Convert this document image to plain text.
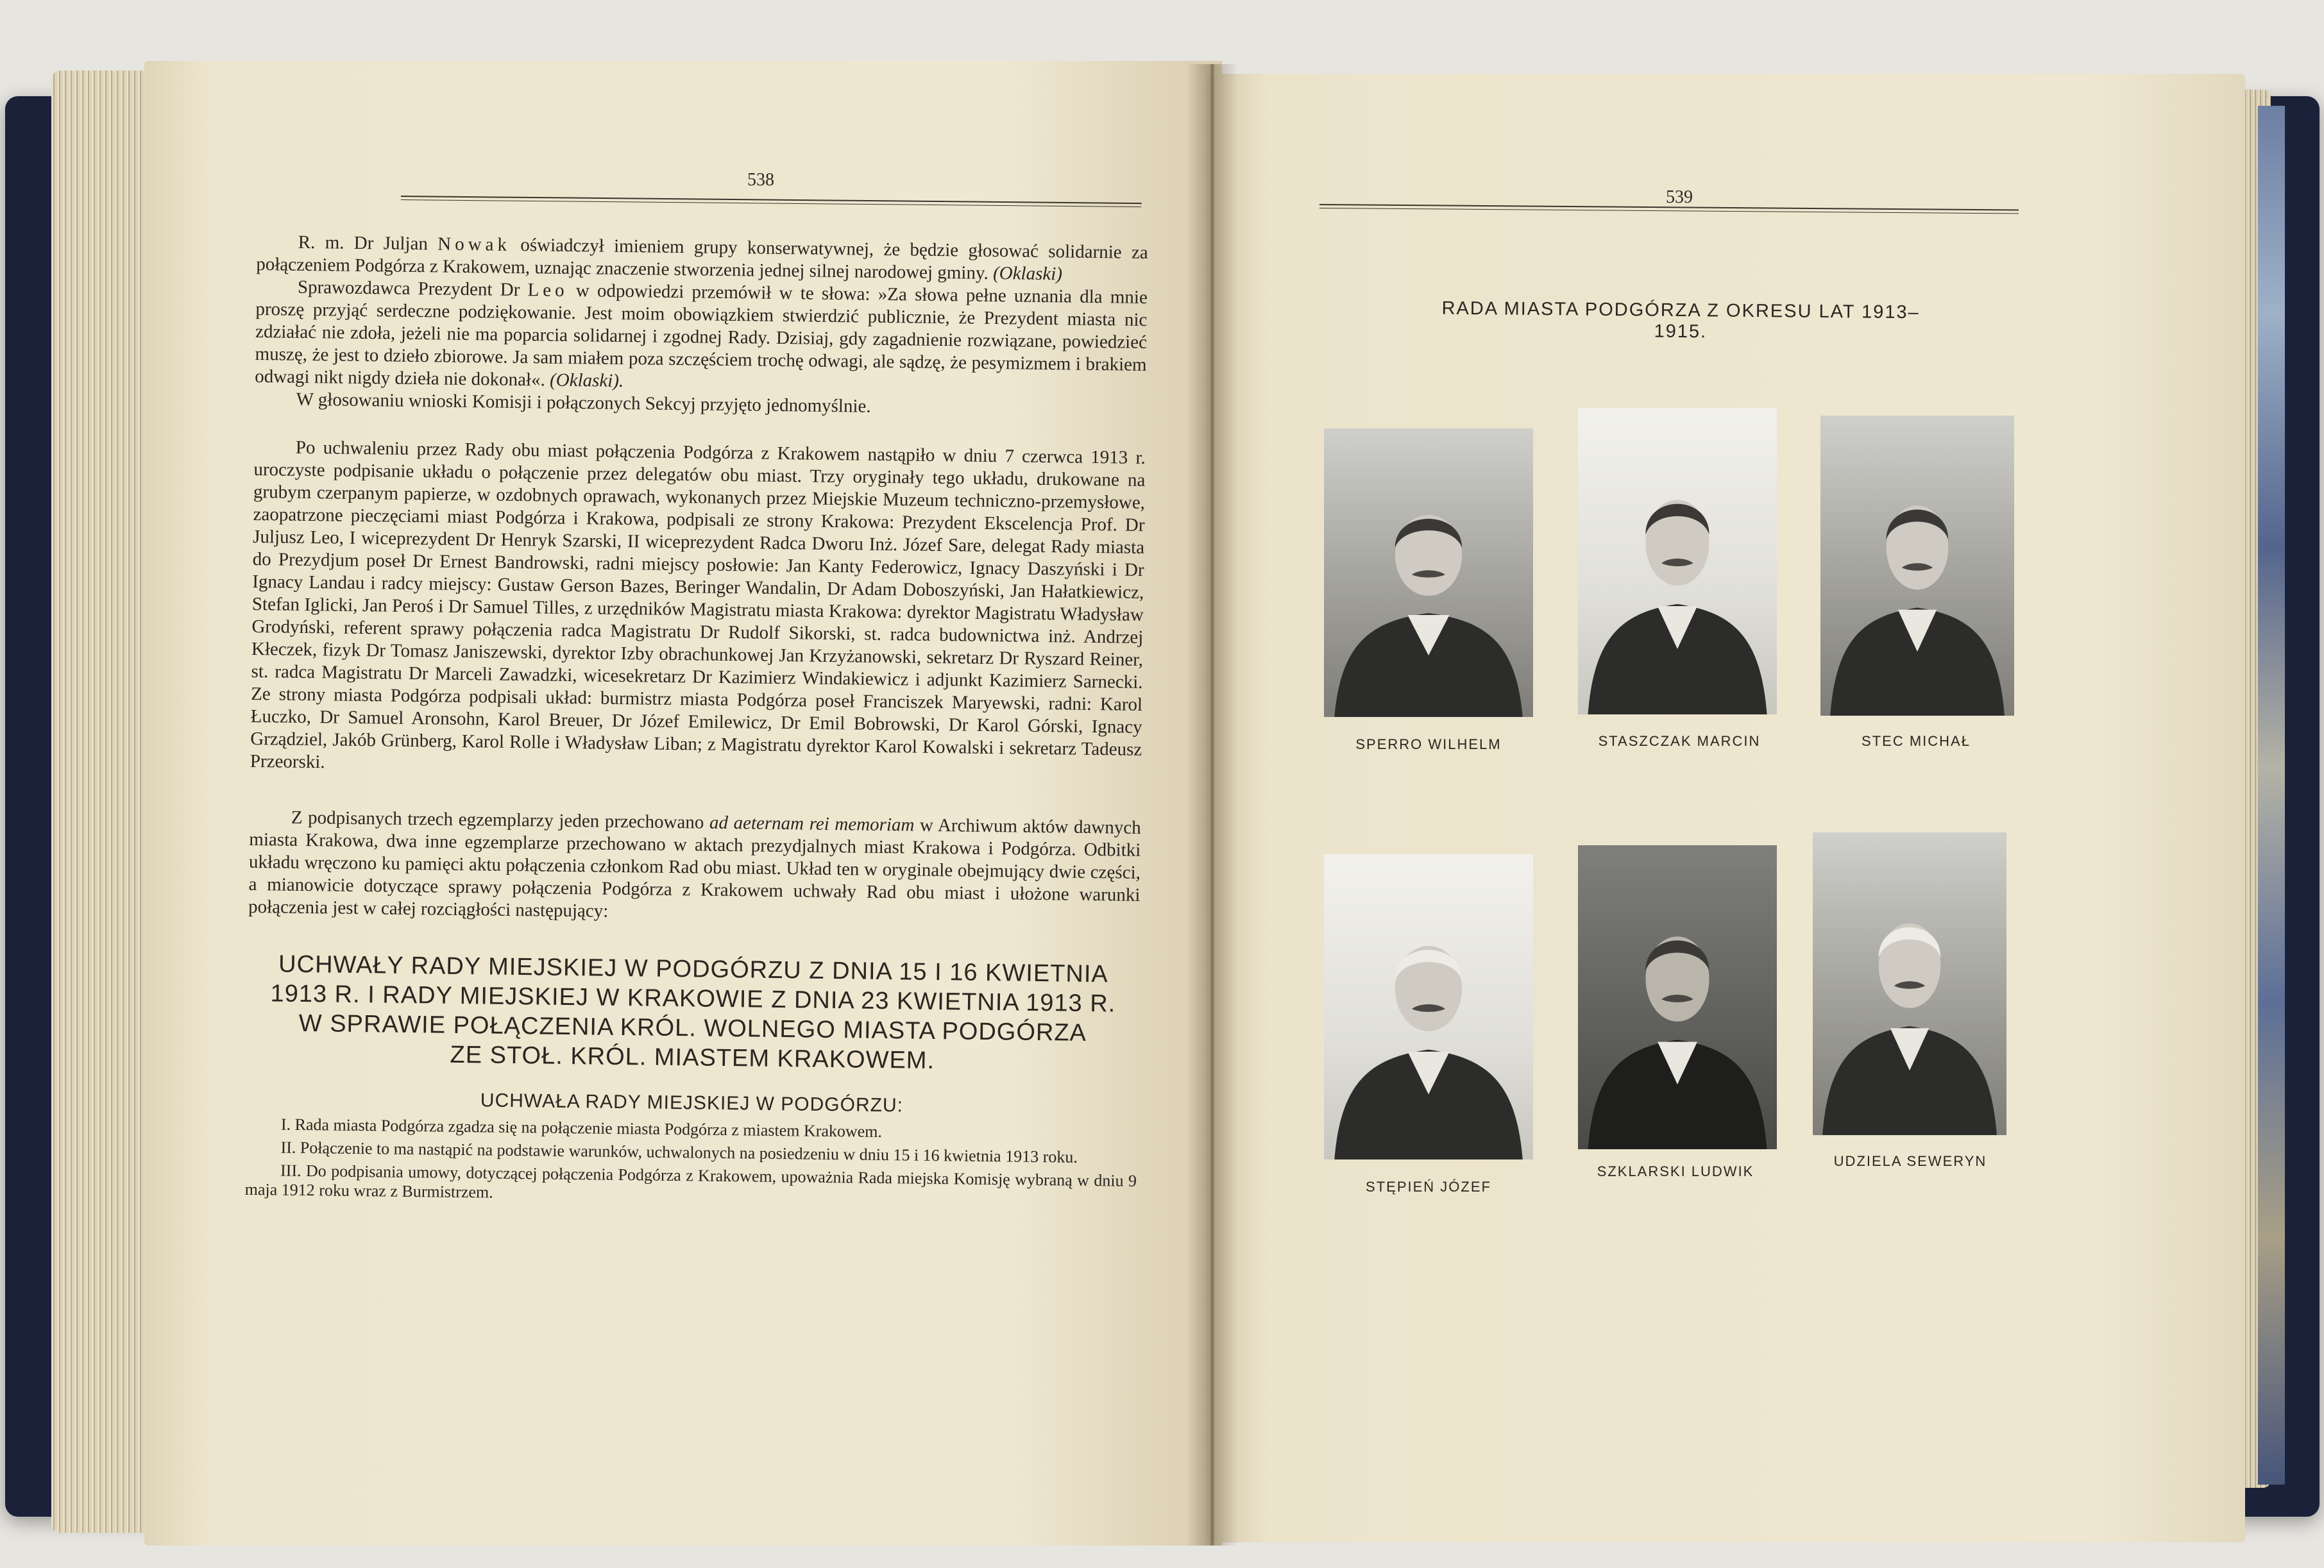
538

R. m. Dr Juljan Nowak oświadczył imieniem grupy konserwatywnej, że będzie głosować solidarnie za połączeniem Podgórza z Krakowem, uznając znaczenie stworzenia jednej silnej narodowej gminy. (Oklaski)

Sprawozdawca Prezydent Dr Leo w odpowiedzi przemówił w te słowa: »Za słowa pełne uznania dla mnie proszę przyjąć serdeczne podziękowanie. Jest moim obowiązkiem stwierdzić publicznie, że Prezydent miasta nic zdziałać nie zdoła, jeżeli nie ma poparcia solidarnej i zgodnej Rady. Dzisiaj, gdy zagadnienie rozwiązane, powiedzieć muszę, że jest to dzieło zbiorowe. Ja sam miałem poza szczęściem trochę odwagi, ale sądzę, że pesymizmem i brakiem odwagi nikt nigdy dzieła nie dokonał«. (Oklaski).

W głosowaniu wnioski Komisji i połączonych Sekcyj przyjęto jednomyślnie.

Po uchwaleniu przez Rady obu miast połączenia Podgórza z Krakowem nastąpiło w dniu 7 czerwca 1913 r. uroczyste podpisanie układu o połączenie przez delegatów obu miast. Trzy oryginały tego układu, drukowane na grubym czerpanym papierze, w ozdobnych oprawach, wykonanych przez Miejskie Muzeum techniczno-przemysłowe, zaopatrzone pieczęciami miast Podgórza i Krakowa, podpisali ze strony Krakowa: Prezydent Ekscelencja Prof. Dr Juljusz Leo, I wiceprezydent Dr Henryk Szarski, II wiceprezydent Radca Dworu Inż. Józef Sare, delegat Rady miasta do Prezydjum poseł Dr Ernest Bandrowski, radni miejscy posłowie: Jan Kanty Federowicz, Ignacy Daszyński i Dr Ignacy Landau i radcy miejscy: Gustaw Gerson Bazes, Beringer Wandalin, Dr Adam Doboszyński, Jan Hałatkiewicz, Stefan Iglicki, Jan Peroś i Dr Samuel Tilles, z urzędników Magistratu miasta Krakowa: dyrektor Magistratu Władysław Grodyński, referent sprawy połączenia radca Magistratu Dr Rudolf Sikorski, st. radca budownictwa inż. Andrzej Kłeczek, fizyk Dr Tomasz Janiszewski, dyrektor Izby obrachunkowej Jan Krzyżanowski, sekretarz Dr Ryszard Reiner, st. radca Magistratu Dr Marceli Zawadzki, wicesekretarz Dr Kazimierz Windakiewicz i adjunkt Kazimierz Sarnecki. Ze strony miasta Podgórza podpisali układ: burmistrz miasta Podgórza poseł Franciszek Maryewski, radni: Karol Łuczko, Dr Samuel Aronsohn, Karol Breuer, Dr Józef Emilewicz, Dr Emil Bobrowski, Dr Karol Górski, Ignacy Grządziel, Jakób Grünberg, Karol Rolle i Władysław Liban; z Magistratu dyrektor Karol Kowalski i sekretarz Tadeusz Przeorski.

Z podpisanych trzech egzemplarzy jeden przechowano ad aeternam rei memoriam w Archiwum aktów dawnych miasta Krakowa, dwa inne egzemplarze przechowano w aktach prezydjalnych miast Krakowa i Podgórza. Odbitki układu wręczono ku pamięci aktu połączenia członkom Rad obu miast. Układ ten w oryginale obejmujący dwie części, a mianowicie dotyczące sprawy połączenia Podgórza z Krakowem uchwały Rad obu miast i ułożone warunki połączenia jest w całej rozciągłości następujący:

UCHWAŁY RADY MIEJSKIEJ W PODGÓRZU Z DNIA 15 I 16 KWIETNIA
1913 R. I RADY MIEJSKIEJ W KRAKOWIE Z DNIA 23 KWIETNIA 1913 R.
W SPRAWIE POŁĄCZENIA KRÓL. WOLNEGO MIASTA PODGÓRZA
ZE STOŁ. KRÓL. MIASTEM KRAKOWEM.
UCHWAŁA RADY MIEJSKIEJ W PODGÓRZU:

I. Rada miasta Podgórza zgadza się na połączenie miasta Podgórza z miastem Krakowem.

II. Połączenie to ma nastąpić na podstawie warunków, uchwalonych na posiedzeniu w dniu 15 i 16 kwietnia 1913 roku.

III. Do podpisania umowy, dotyczącej połączenia Podgórza z Krakowem, upoważnia Rada miejska Komisję wybraną w dniu 9 maja 1912 roku wraz z Burmistrzem.

539
RADA MIASTA PODGÓRZA Z OKRESU LAT 1913–1915.
SPERRO WILHELM	STASZCZAK MARCIN	STEC MICHAŁ
STĘPIEŃ JÓZEF
SZKLARSKI LUDWIK
UDZIELA SEWERYN
